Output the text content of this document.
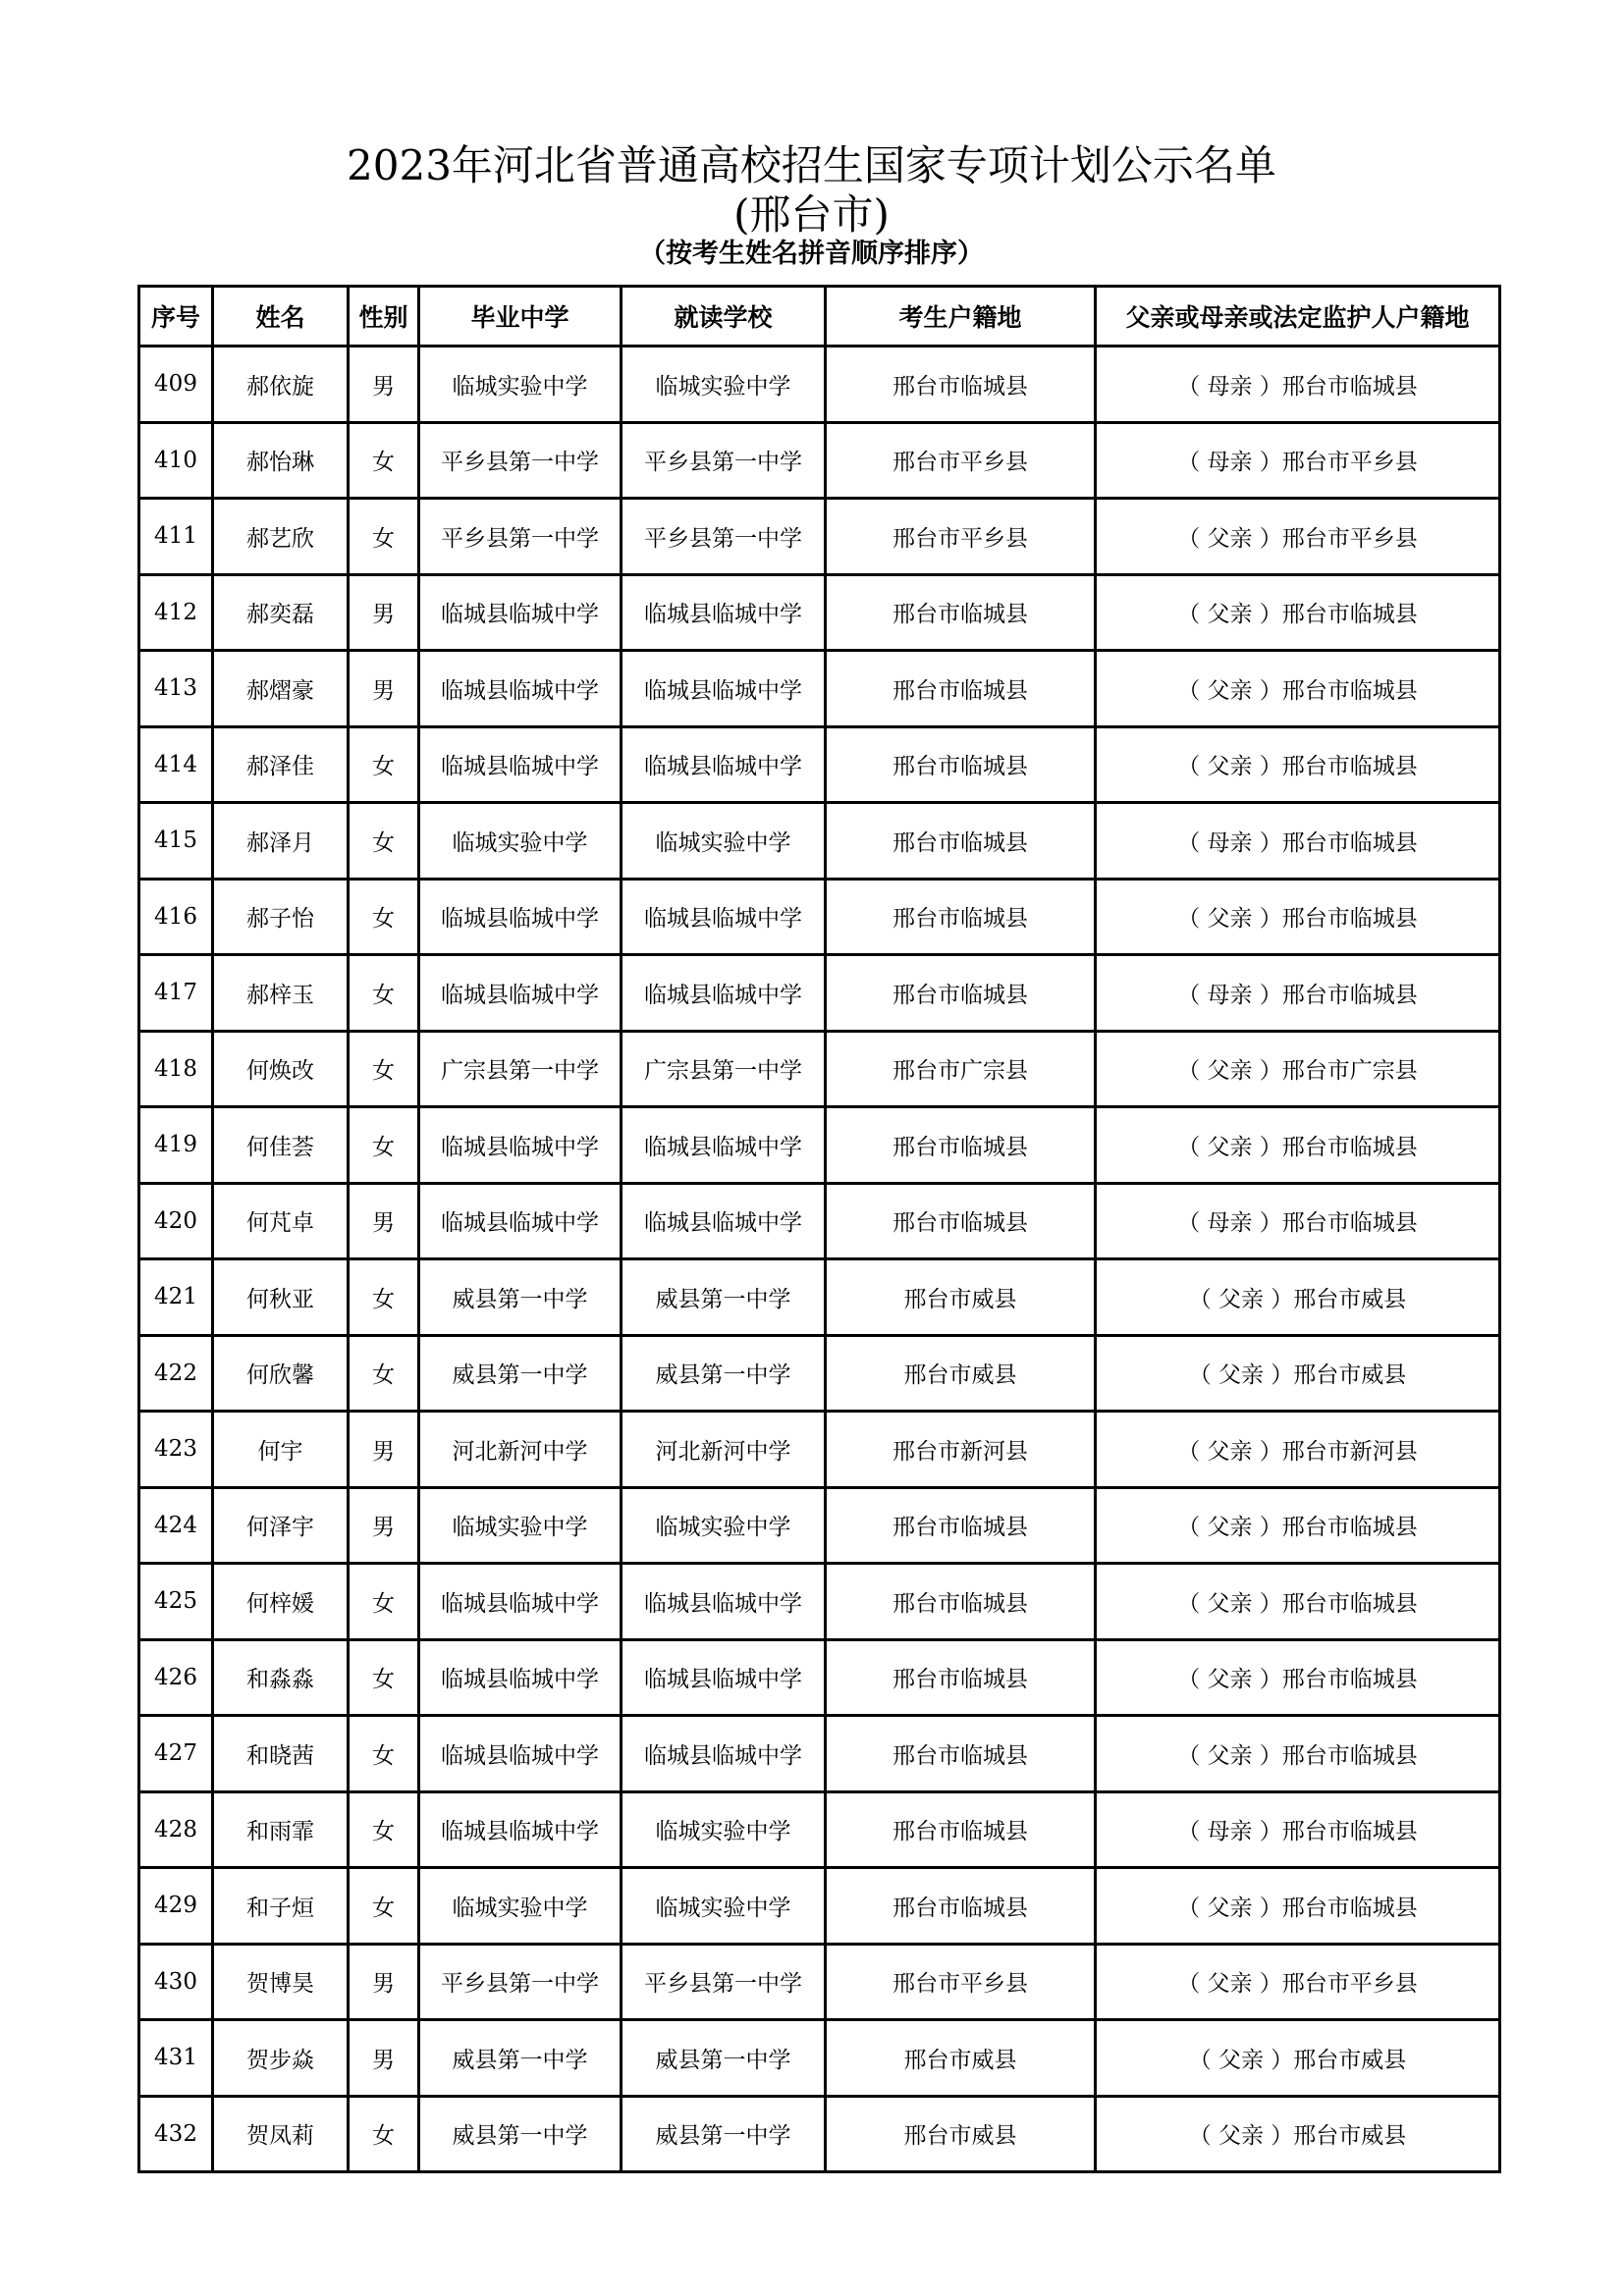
2023年河北省普通高校招生国家专项计划公示名单
(邢台市)
（按考生姓名拼音顺序排序）
序号	姓名	性别	毕业中学	就读学校	考生户籍地	父亲或母亲或法定监护人户籍地
409	郝依旋	男	临城实验中学	临城实验中学	邢台市临城县	（ 母亲 ）邢台市临城县
410	郝怡琳	女	平乡县第一中学	平乡县第一中学	邢台市平乡县	（ 母亲 ）邢台市平乡县
411	郝艺欣	女	平乡县第一中学	平乡县第一中学	邢台市平乡县	（ 父亲 ）邢台市平乡县
412	郝奕磊	男	临城县临城中学	临城县临城中学	邢台市临城县	（ 父亲 ）邢台市临城县
413	郝熠豪	男	临城县临城中学	临城县临城中学	邢台市临城县	（ 父亲 ）邢台市临城县
414	郝泽佳	女	临城县临城中学	临城县临城中学	邢台市临城县	（ 父亲 ）邢台市临城县
415	郝泽月	女	临城实验中学	临城实验中学	邢台市临城县	（ 母亲 ）邢台市临城县
416	郝子怡	女	临城县临城中学	临城县临城中学	邢台市临城县	（ 父亲 ）邢台市临城县
417	郝梓玉	女	临城县临城中学	临城县临城中学	邢台市临城县	（ 母亲 ）邢台市临城县
418	何焕改	女	广宗县第一中学	广宗县第一中学	邢台市广宗县	（ 父亲 ）邢台市广宗县
419	何佳荟	女	临城县临城中学	临城县临城中学	邢台市临城县	（ 父亲 ）邢台市临城县
420	何芃卓	男	临城县临城中学	临城县临城中学	邢台市临城县	（ 母亲 ）邢台市临城县
421	何秋亚	女	威县第一中学	威县第一中学	邢台市威县	（ 父亲 ）邢台市威县
422	何欣馨	女	威县第一中学	威县第一中学	邢台市威县	（ 父亲 ）邢台市威县
423	何宇	男	河北新河中学	河北新河中学	邢台市新河县	（ 父亲 ）邢台市新河县
424	何泽宇	男	临城实验中学	临城实验中学	邢台市临城县	（ 父亲 ）邢台市临城县
425	何梓媛	女	临城县临城中学	临城县临城中学	邢台市临城县	（ 父亲 ）邢台市临城县
426	和淼淼	女	临城县临城中学	临城县临城中学	邢台市临城县	（ 父亲 ）邢台市临城县
427	和晓茜	女	临城县临城中学	临城县临城中学	邢台市临城县	（ 父亲 ）邢台市临城县
428	和雨霏	女	临城县临城中学	临城实验中学	邢台市临城县	（ 母亲 ）邢台市临城县
429	和子烜	女	临城实验中学	临城实验中学	邢台市临城县	（ 父亲 ）邢台市临城县
430	贺博昊	男	平乡县第一中学	平乡县第一中学	邢台市平乡县	（ 父亲 ）邢台市平乡县
431	贺步焱	男	威县第一中学	威县第一中学	邢台市威县	（ 父亲 ）邢台市威县
432	贺凤莉	女	威县第一中学	威县第一中学	邢台市威县	（ 父亲 ）邢台市威县
